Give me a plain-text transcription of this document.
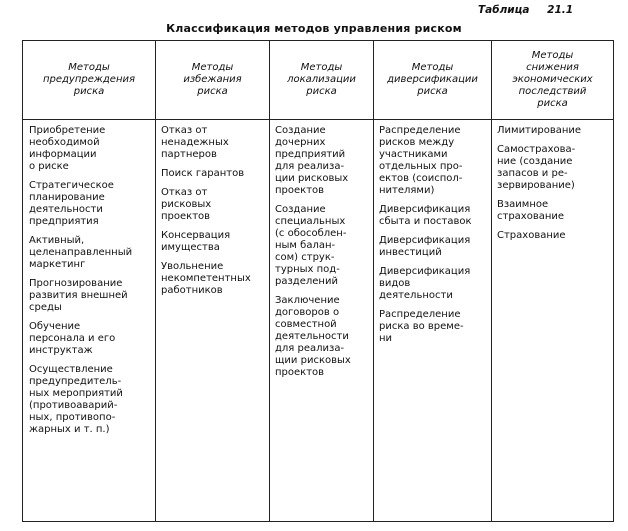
Таблица 21.1
Классификация методов управления риском
Методы
предупреждения
риска
Методы
избежания
риска
Методы
локализации
риска
Методы
диверсификации
риска
Методы
снижения
экономических
последствий
риска

Приобретение
необходимой
информации
о риске

Стратегическое
планирование
деятельности
предприятия

Активный,
целенаправленный
маркетинг

Прогнозирование
развития внешней
среды

Обучение
персонала и его
инструктаж

Осуществление
предупредитель-
ных мероприятий
(противоаварий-
ных, противопо-
жарных и т. п.)

Отказ от
ненадежных
партнеров

Поиск гарантов

Отказ от
рисковых
проектов

Консервация
имущества

Увольнение
некомпетентных
работников

Создание
дочерних
предприятий
для реализа-
ции рисковых
проектов

Создание
специальных
(с обособлен-
ным балан-
сом) струк-
турных под-
разделений

Заключение
договоров о
совместной
деятельности
для реализа-
щии рисковых
проектов

Распределение
рисков между
участниками
отдельных про-
ектов (соиспол-
нителями)

Диверсификация
сбыта и поставок

Диверсификация
инвестиций

Диверсификация
видов
деятельности

Распределение
риска во време-
ни

Лимитирование

Самострахова-
ние (создание
запасов и ре-
зервирование)

Взаимное
страхование

Страхование
